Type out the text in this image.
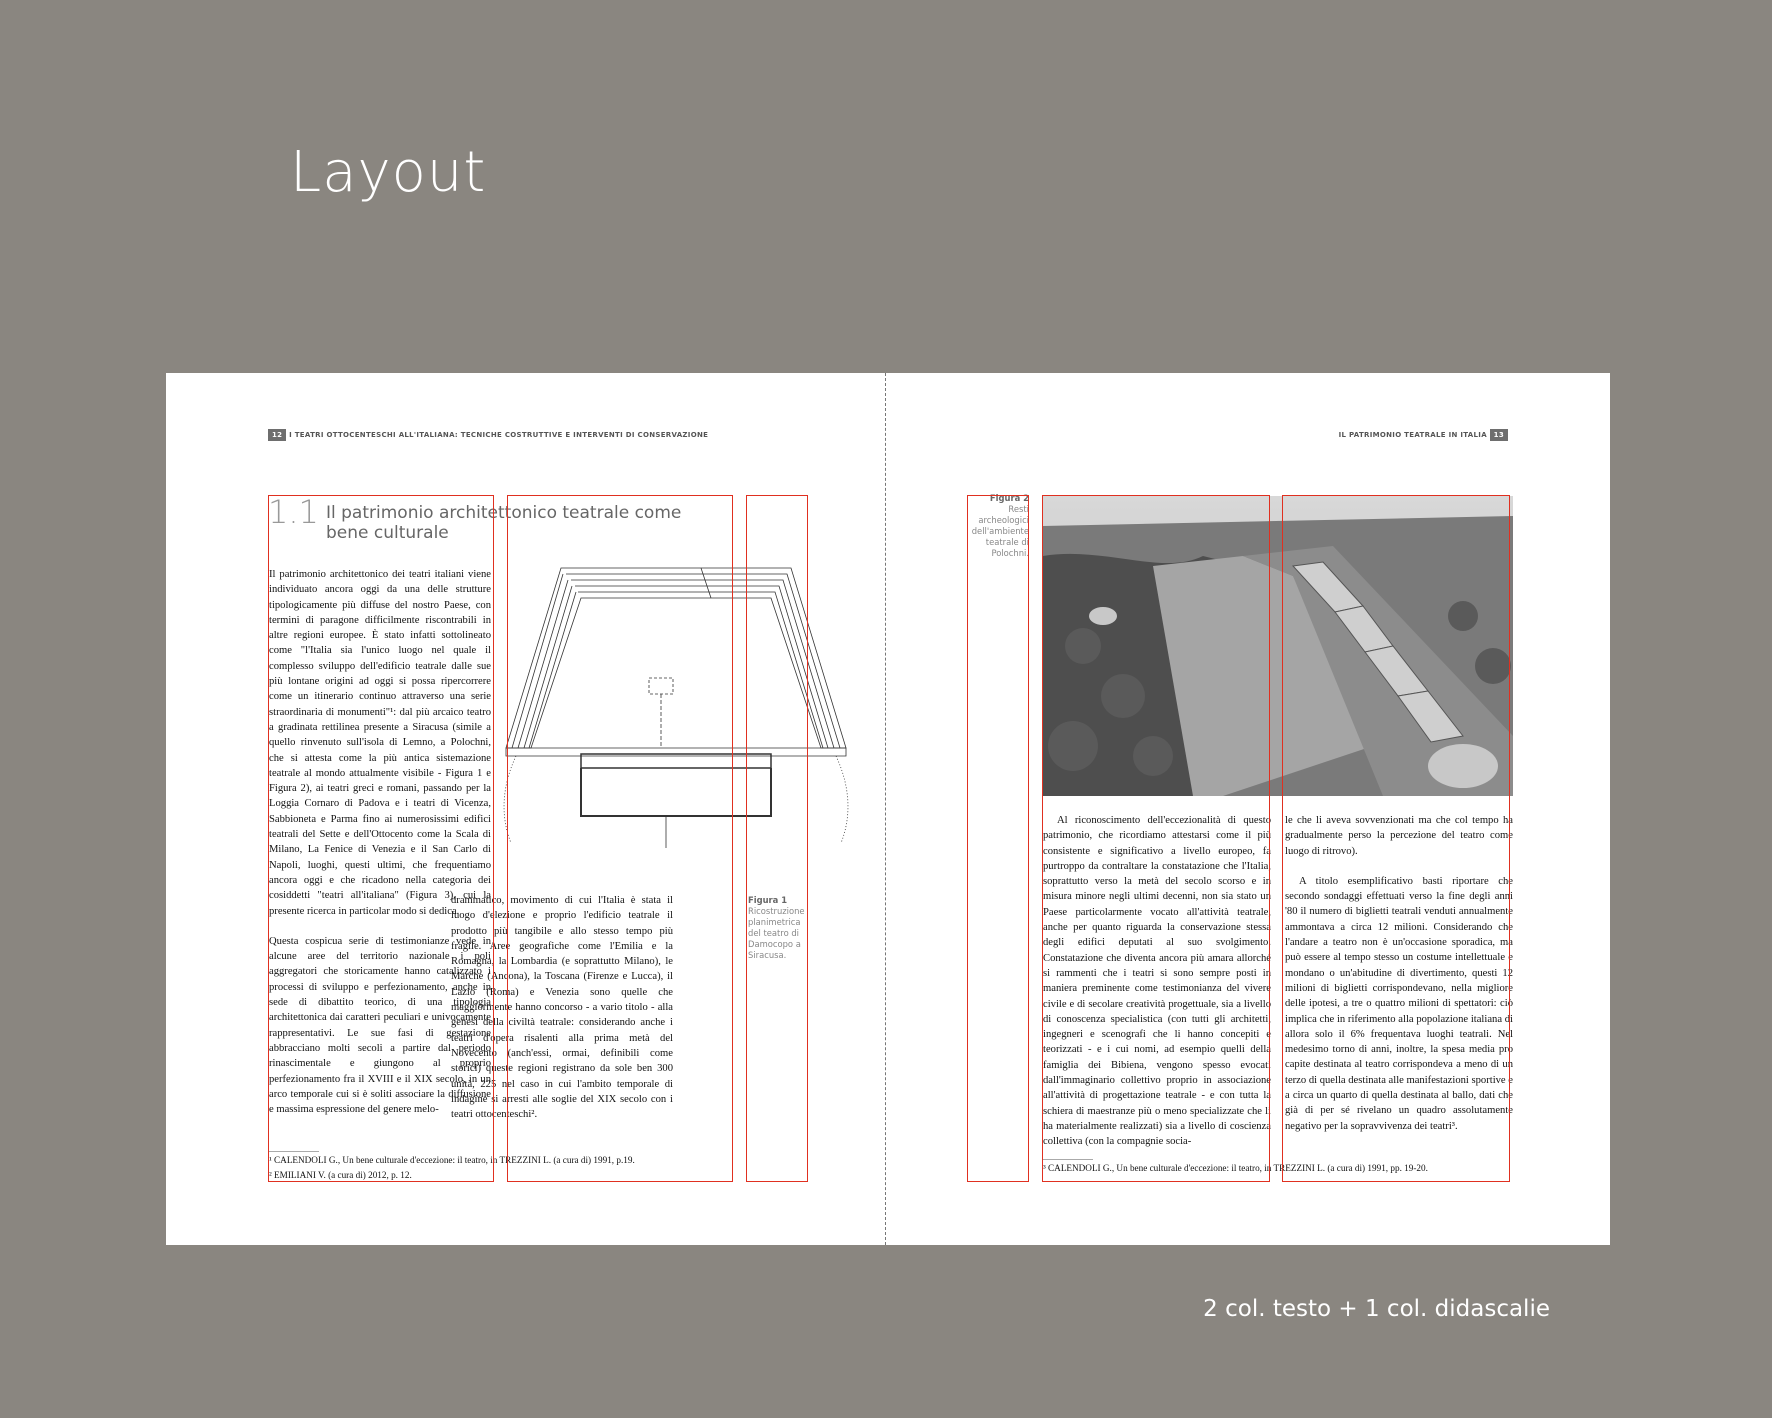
Layout
12 I TEATRI OTTOCENTESCHI ALL'ITALIANA: TECNICHE COSTRUTTIVE E INTERVENTI DI CONSERVAZIONE
1.1 Il patrimonio architettonico teatrale come bene culturale

Il patrimonio architettonico dei teatri italiani viene individuato ancora oggi da una delle strutture tipologicamente più diffuse del nostro Paese, con termini di paragone difficilmente riscontrabili in altre regioni europee. È stato infatti sottolineato come "l'Italia sia l'unico luogo nel quale il complesso sviluppo dell'edificio teatrale dalle sue più lontane origini ad oggi si possa ripercorrere come un itinerario continuo attraverso una serie straordinaria di monumenti"¹: dal più arcaico teatro a gradinata rettilinea presente a Siracusa (simile a quello rinvenuto sull'isola di Lemno, a Polochni, che si attesta come la più antica sistemazione teatrale al mondo attualmente visibile - Figura 1 e Figura 2), ai teatri greci e romani, passando per la Loggia Cornaro di Padova e i teatri di Vicenza, Sabbioneta e Parma fino ai numerosissimi edifici teatrali del Sette e dell'Ottocento come la Scala di Milano, La Fenice di Venezia e il San Carlo di Napoli, luoghi, questi ultimi, che frequentiamo ancora oggi e che ricadono nella categoria dei cosiddetti "teatri all'italiana" (Figura 3), cui la presente ricerca in particolar modo si dedica.

Questa cospicua serie di testimonianze vede in alcune aree del territorio nazionale i poli aggregatori che storicamente hanno catalizzato i processi di sviluppo e perfezionamento, anche in sede di dibattito teorico, di una tipologia architettonica dai caratteri peculiari e univocamente rappresentativi. Le sue fasi di gestazione abbracciano molti secoli a partire dal periodo rinascimentale e giungono al proprio perfezionamento fra il XVIII e il XIX secolo, in un arco temporale cui si è soliti associare la diffusione e massima espressione del genere melo-

drammatico, movimento di cui l'Italia è stata il luogo d'elezione e proprio l'edificio teatrale il prodotto più tangibile e allo stesso tempo più fragile. Aree geografiche come l'Emilia e la Romagna, la Lombardia (e soprattutto Milano), le Marche (Ancona), la Toscana (Firenze e Lucca), il Lazio (Roma) e Venezia sono quelle che maggiormente hanno concorso - a vario titolo - alla genesi della civiltà teatrale: considerando anche i teatri d'opera risalenti alla prima metà del Novecento (anch'essi, ormai, definibili come storici) queste regioni registrano da sole ben 300 unità, 225 nel caso in cui l'ambito temporale di indagine si arresti alle soglie del XIX secolo con i teatri ottocenteschi².

Figura 1
Ricostruzione planimetrica del teatro di Damocopo a Siracusa.
¹ CALENDOLI G., Un bene culturale d'eccezione: il teatro, in TREZZINI L. (a cura di) 1991, p.19.
² EMILIANI V. (a cura di) 2012, p. 12.
IL PATRIMONIO TEATRALE IN ITALIA 13
Figura 2
Resti archeologici dell'ambiente teatrale di Polochni.

Al riconoscimento dell'eccezionalità di questo patrimonio, che ricordiamo attestarsi come il più consistente e significativo a livello europeo, fa purtroppo da contraltare la constatazione che l'Italia, soprattutto verso la metà del secolo scorso e in misura minore negli ultimi decenni, non sia stato un Paese particolarmente vocato all'attività teatrale, anche per quanto riguarda la conservazione stessa degli edifici deputati al suo svolgimento. Constatazione che diventa ancora più amara allorché si rammenti che i teatri si sono sempre posti in maniera preminente come testimonianza del vivere civile e di secolare creatività progettuale, sia a livello di conoscenza specialistica (con tutti gli architetti, ingegneri e scenografi che li hanno concepiti e teorizzati - e i cui nomi, ad esempio quelli della famiglia dei Bibiena, vengono spesso evocati dall'immaginario collettivo proprio in associazione all'attività di progettazione teatrale - e con tutta la schiera di maestranze più o meno specializzate che li ha materialmente realizzati) sia a livello di coscienza collettiva (con la compagnie socia-

le che li aveva sovvenzionati ma che col tempo ha gradualmente perso la percezione del teatro come luogo di ritrovo).

A titolo esemplificativo basti riportare che secondo sondaggi effettuati verso la fine degli anni '80 il numero di biglietti teatrali venduti annualmente ammontava a circa 12 milioni. Considerando che l'andare a teatro non è un'occasione sporadica, ma può essere al tempo stesso un costume intellettuale e mondano o un'abitudine di divertimento, questi 12 milioni di biglietti corrispondevano, nella migliore delle ipotesi, a tre o quattro milioni di spettatori: ciò implica che in riferimento alla popolazione italiana di allora solo il 6% frequentava luoghi teatrali. Nel medesimo torno di anni, inoltre, la spesa media pro capite destinata al teatro corrispondeva a meno di un terzo di quella destinata alle manifestazioni sportive e a circa un quarto di quella destinata al ballo, dati che già di per sé rivelano un quadro assolutamente negativo per la sopravvivenza dei teatri³.

³ CALENDOLI G., Un bene culturale d'eccezione: il teatro, in TREZZINI L. (a cura di) 1991, pp. 19-20.
2 col. testo + 1 col. didascalie
